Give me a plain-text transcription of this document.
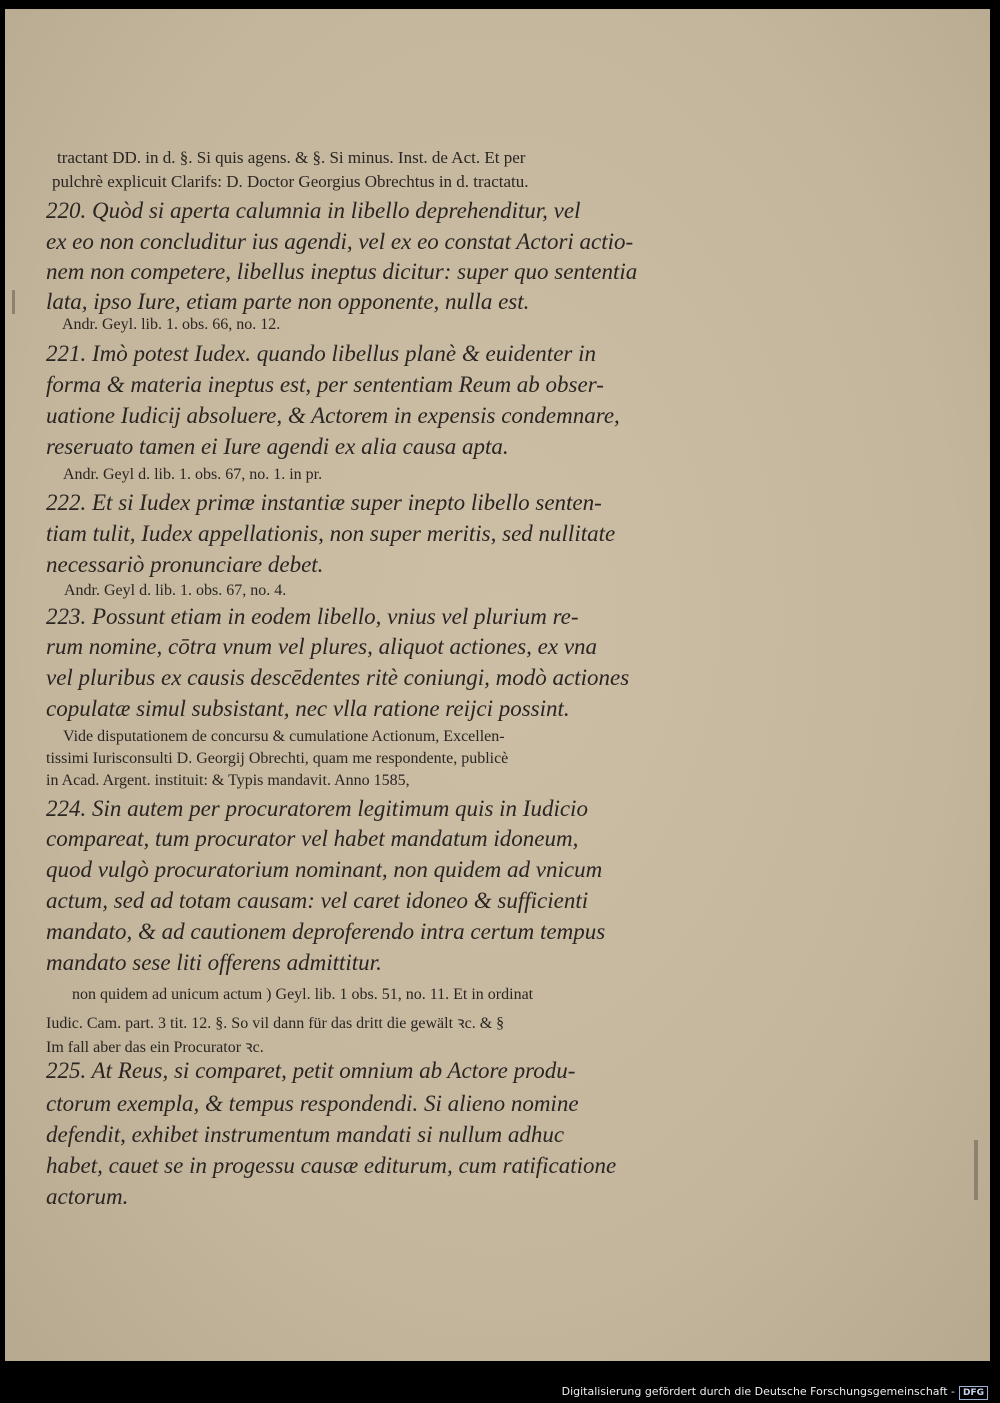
tractant DD. in d. §. Si quis agens. & §. Si minus. Inst. de Act. Et per
pulchrè explicuit Clarifs: D. Doctor Georgius Obrechtus in d. tractatu.
220. Quòd si aperta calumnia in libello deprehenditur, vel
ex eo non concluditur ius agendi, vel ex eo constat Actori actio-
nem non competere, libellus ineptus dicitur: super quo sententia
lata, ipso Iure, etiam parte non opponente, nulla est.
Andr. Geyl. lib. 1. obs. 66, no. 12.
221. Imò potest Iudex. quando libellus planè & euidenter in
forma & materia ineptus est, per sententiam Reum ab obser-
uatione Iudicij absoluere, & Actorem in expensis condemnare,
reseruato tamen ei Iure agendi ex alia causa apta.
Andr. Geyl d. lib. 1. obs. 67, no. 1. in pr.
222. Et si Iudex primæ instantiæ super inepto libello senten-
tiam tulit, Iudex appellationis, non super meritis, sed nullitate
necessariò pronunciare debet.
Andr. Geyl d. lib. 1. obs. 67, no. 4.
223. Possunt etiam in eodem libello, vnius vel plurium re-
rum nomine, cōtra vnum vel plures, aliquot actiones, ex vna
vel pluribus ex causis descēdentes ritè coniungi, modò actiones
copulatæ simul subsistant, nec vlla ratione reijci possint.
Vide disputationem de concursu & cumulatione Actionum, Excellen-
tissimi Iurisconsulti D. Georgij Obrechti, quam me respondente, publicè
in Acad. Argent. instituit: & Typis mandavit. Anno 1585,
224. Sin autem per procuratorem legitimum quis in Iudicio
compareat, tum procurator vel habet mandatum idoneum,
quod vulgò procuratorium nominant, non quidem ad vnicum
actum, sed ad totam causam: vel caret idoneo & sufficienti
mandato, & ad cautionem deproferendo intra certum tempus
mandato sese liti offerens admittitur.
non quidem ad unicum actum ) Geyl. lib. 1 obs. 51, no. 11. Et in ordinat
Iudic. Cam. part. 3 tit. 12. §. So vil dann für das dritt die gewält ꝛc. & §
Im fall aber das ein Procurator ꝛc.
225. At Reus, si comparet, petit omnium ab Actore produ-
ctorum exempla, & tempus respondendi. Si alieno nomine
defendit, exhibet instrumentum mandati si nullum adhuc
habet, cauet se in progessu causæ editurum, cum ratificatione
actorum.
Digitalisierung gefördert durch die Deutsche Forschungsgemeinschaft - DFG
